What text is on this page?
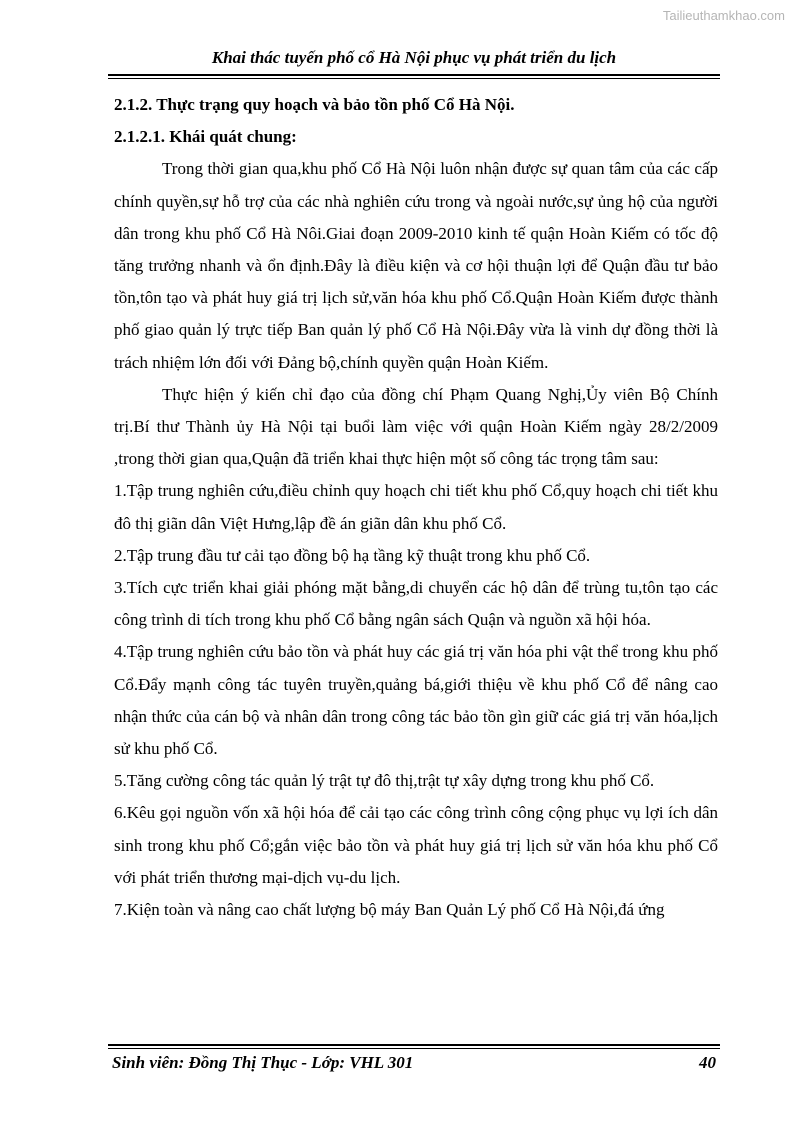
Tailieuthamkhao.com
Khai thác tuyến phố cổ Hà Nội phục vụ phát triển du lịch

2.1.2. Thực trạng quy hoạch và bảo tồn phố Cổ Hà Nội.

2.1.2.1. Khái quát chung:

Trong thời gian qua,khu phố Cổ Hà Nội luôn nhận được sự quan tâm của các cấp chính quyền,sự hỗ trợ của các nhà nghiên cứu trong và ngoài nước,sự ủng hộ của người dân trong khu phố Cổ Hà Nôi.Giai đoạn 2009-2010 kinh tế quận Hoàn Kiếm có tốc độ tăng trưởng nhanh và ổn định.Đây là điều kiện và cơ hội thuận lợi để Quận đầu tư bảo tồn,tôn tạo và phát huy giá trị lịch sử,văn hóa khu phố Cổ.Quận Hoàn Kiếm được thành phố giao quản lý trực tiếp Ban quản lý phố Cổ Hà Nội.Đây vừa là vinh dự đồng thời là trách nhiệm lớn đối với Đảng bộ,chính quyền quận Hoàn Kiếm.

Thực hiện ý kiến chỉ đạo của đồng chí Phạm Quang Nghị,Ủy viên Bộ Chính trị.Bí thư Thành ủy Hà Nội tại buổi làm việc với quận Hoàn Kiếm ngày 28/2/2009 ,trong thời gian qua,Quận đã triển khai thực hiện một số công tác trọng tâm sau:

1.Tập trung nghiên cứu,điều chỉnh quy hoạch chi tiết khu phố Cổ,quy hoạch chi tiết khu đô thị giãn dân Việt Hưng,lập đề án giãn dân khu phố Cổ.

2.Tập trung đầu tư cải tạo đồng bộ hạ tầng kỹ thuật trong khu phố Cổ.

3.Tích cực triển khai giải phóng mặt bằng,di chuyển các hộ dân để trùng tu,tôn tạo các công trình di tích trong khu phố Cổ bằng ngân sách Quận và nguồn xã hội hóa.

4.Tập trung nghiên cứu bảo tồn và phát huy các giá trị văn hóa phi vật thể trong khu phố Cổ.Đẩy mạnh công tác tuyên truyền,quảng bá,giới thiệu về khu phố Cổ để nâng cao nhận thức của cán bộ và nhân dân trong công tác bảo tồn gìn giữ các giá trị văn hóa,lịch sử khu phố Cổ.

5.Tăng cường công tác quản lý trật tự đô thị,trật tự xây dựng trong khu phố Cổ.

6.Kêu gọi nguồn vốn xã hội hóa để cải tạo các công trình công cộng phục vụ lợi ích dân sinh trong khu phố Cổ;gắn việc bảo tồn và phát huy giá trị lịch sử văn hóa khu phố Cổ với phát triển thương mại-dịch vụ-du lịch.

7.Kiện toàn và nâng cao chất lượng bộ máy Ban Quản Lý phố Cổ Hà Nội,đá ứng

Sinh viên: Đồng Thị Thục - Lớp: VHL 301	40
